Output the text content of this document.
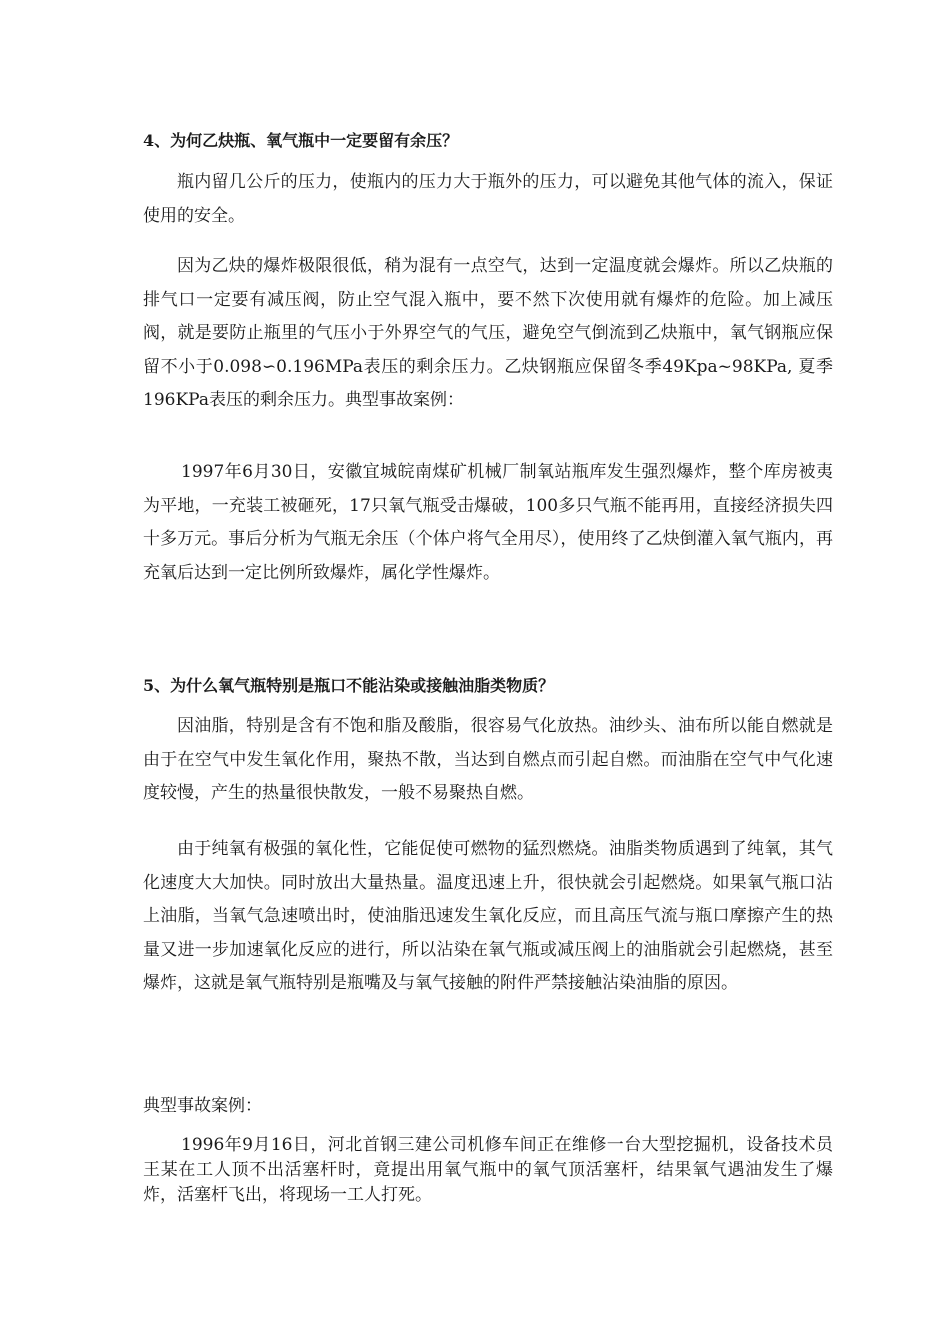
4、为何乙炔瓶、氧气瓶中一定要留有余压？
瓶内留几公斤的压力，使瓶内的压力大于瓶外的压力，可以避免其他气体的流入，保证使用的安全。
因为乙炔的爆炸极限很低，稍为混有一点空气，达到一定温度就会爆炸。所以乙炔瓶的排气口一定要有减压阀，防止空气混入瓶中，要不然下次使用就有爆炸的危险。加上减压阀，就是要防止瓶里的气压小于外界空气的气压，避免空气倒流到乙炔瓶中，氧气钢瓶应保留不小于0.098∽0.196MPa表压的剩余压力。乙炔钢瓶应保留冬季49Kpa~98KPa, 夏季196KPa表压的剩余压力。典型事故案例：
1997年6月30日，安徽宜城皖南煤矿机械厂制氧站瓶库发生强烈爆炸，整个库房被夷为平地，一充装工被砸死，17只氧气瓶受击爆破，100多只气瓶不能再用，直接经济损失四十多万元。事后分析为气瓶无余压（个体户将气全用尽），使用终了乙炔倒灌入氧气瓶内，再充氧后达到一定比例所致爆炸，属化学性爆炸。
5、为什么氧气瓶特别是瓶口不能沾染或接触油脂类物质？
因油脂，特别是含有不饱和脂及酸脂，很容易气化放热。油纱头、油布所以能自燃就是由于在空气中发生氧化作用，聚热不散，当达到自燃点而引起自燃。而油脂在空气中气化速度较慢，产生的热量很快散发，一般不易聚热自燃。
由于纯氧有极强的氧化性，它能促使可燃物的猛烈燃烧。油脂类物质遇到了纯氧，其气化速度大大加快。同时放出大量热量。温度迅速上升，很快就会引起燃烧。如果氧气瓶口沾上油脂，当氧气急速喷出时，使油脂迅速发生氧化反应，而且高压气流与瓶口摩擦产生的热量又进一步加速氧化反应的进行，所以沾染在氧气瓶或减压阀上的油脂就会引起燃烧，甚至爆炸，这就是氧气瓶特别是瓶嘴及与氧气接触的附件严禁接触沾染油脂的原因。
典型事故案例：
1996年9月16日，河北首钢三建公司机修车间正在维修一台大型挖掘机，设备技术员王某在工人顶不出活塞杆时，竟提出用氧气瓶中的氧气顶活塞杆，结果氧气遇油发生了爆炸，活塞杆飞出，将现场一工人打死。
